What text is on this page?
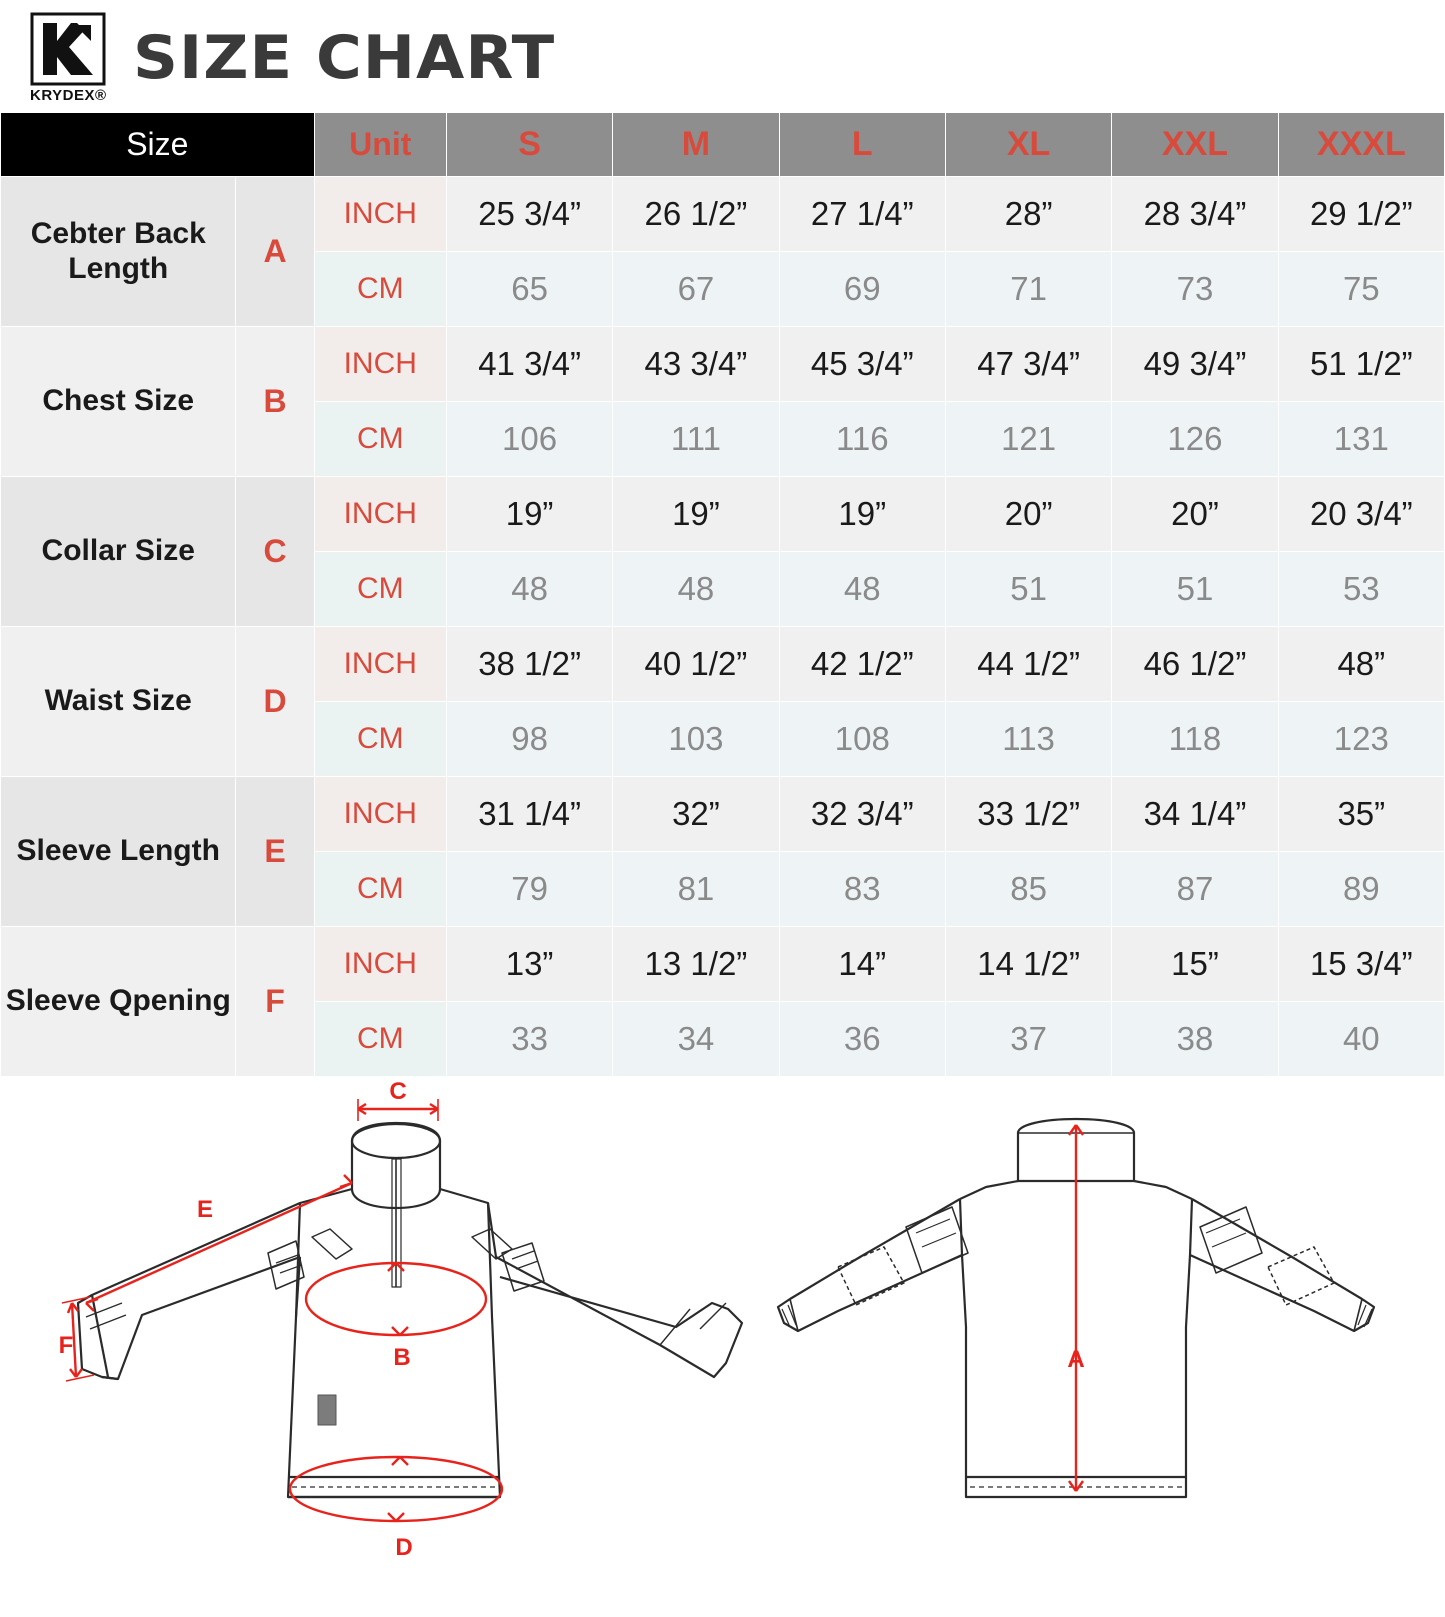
KRYDEX®
SIZE CHART
Size		Unit	S	M	L	XL	XXL	XXXL
Cebter Back Length	A	INCH	25 3/4”	26 1/2”	27 1/4”	28”	28 3/4”	29 1/2”
		CM	65	67	69	71	73	75
Chest Size	B	INCH	41 3/4”	43 3/4”	45 3/4”	47 3/4”	49 3/4”	51 1/2”
		CM	106	111	116	121	126	131
Collar Size	C	INCH	19”	19”	19”	20”	20”	20 3/4”
		CM	48	48	48	51	51	53
Waist Size	D	INCH	38 1/2”	40 1/2”	42 1/2”	44 1/2”	46 1/2”	48”
		CM	98	103	108	113	118	123
Sleeve Length	E	INCH	31 1/4”	32”	32 3/4”	33 1/2”	34 1/4”	35”
		CM	79	81	83	85	87	89
Sleeve Qpening	F	INCH	13”	13 1/2”	14”	14 1/2”	15”	15 3/4”
		CM	33	34	36	37	38	40
C
E
F	B
D
A
